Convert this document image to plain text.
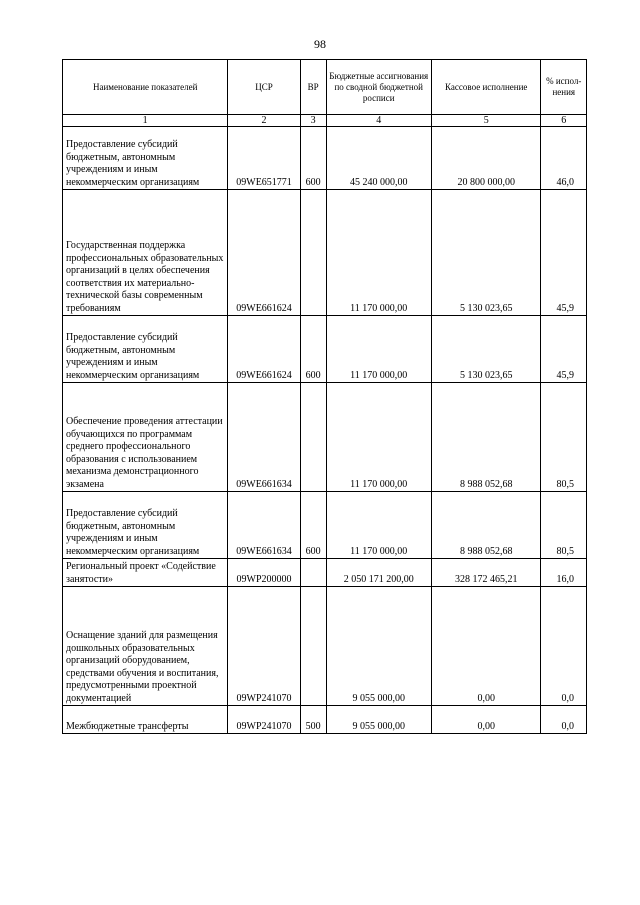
98
Наименование показателей	ЦСР	ВР	Бюджетные ассигнования по сводной бюджетной росписи	Кассовое исполнение	% испол-нения
1	2	3	4	5	6
Предоставление субсидий бюджетным, автономным учреждениям и иным некоммерческим организациям	09WE651771	600	45 240 000,00	20 800 000,00	46,0
Государственная поддержка профессиональных образовательных организаций в целях обеспечения соответствия их материально-технической базы современным требованиям	09WE661624		11 170 000,00	5 130 023,65	45,9
Предоставление субсидий бюджетным, автономным учреждениям и иным некоммерческим организациям	09WE661624	600	11 170 000,00	5 130 023,65	45,9
Обеспечение проведения аттестации обучающихся по программам среднего профессионального образования с использованием механизма демонстрационного экзамена	09WE661634		11 170 000,00	8 988 052,68	80,5
Предоставление субсидий бюджетным, автономным учреждениям и иным некоммерческим организациям	09WE661634	600	11 170 000,00	8 988 052,68	80,5
Региональный проект «Содействие занятости»	09WP200000		2 050 171 200,00	328 172 465,21	16,0
Оснащение зданий для размещения дошкольных образовательных организаций оборудованием, средствами обучения и воспитания, предусмотренными проектной документацией	09WP241070		9 055 000,00	0,00	0,0
Межбюджетные трансферты	09WP241070	500	9 055 000,00	0,00	0,0
